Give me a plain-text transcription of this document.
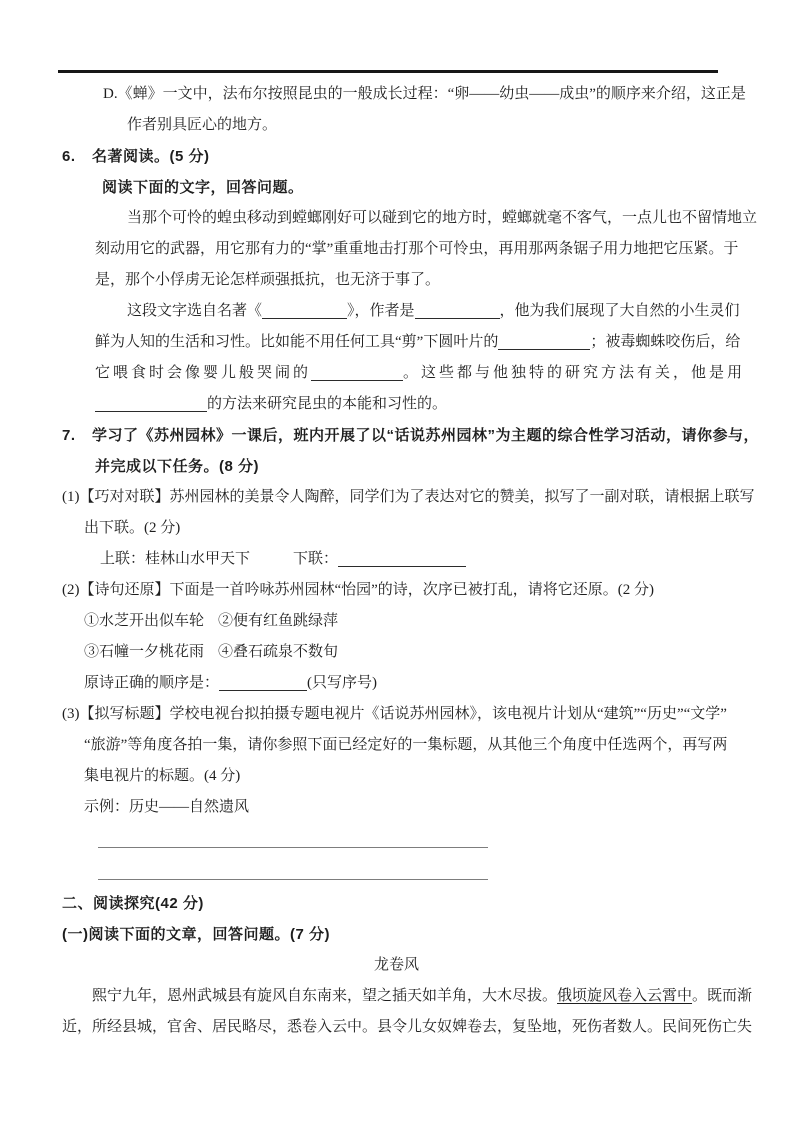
D.《蝉》一文中，法布尔按照昆虫的一般成长过程：“卵——幼虫——成虫”的顺序来介绍，这正是
作者别具匠心的地方。
6. 名著阅读。(5 分)
阅读下面的文字，回答问题。
当那个可怜的蝗虫移动到螳螂刚好可以碰到它的地方时，螳螂就毫不客气，一点儿也不留情地立
刻动用它的武器，用它那有力的“掌”重重地击打那个可怜虫，再用那两条锯子用力地把它压紧。于
是，那个小俘虏无论怎样顽强抵抗，也无济于事了。
这段文字选自名著《	》，作者是	，他为我们展现了大自然的小生灵们
鲜为人知的生活和习性。比如能不用任何工具“剪”下圆叶片的	；被毒蜘蛛咬伤后，给
它喂食时会像婴儿般哭闹的	。这些都与他独特的研究方法有关，他是用
的方法来研究昆虫的本能和习性的。
7. 学习了《苏州园林》一课后，班内开展了以“话说苏州园林”为主题的综合性学习活动，请你参与，
并完成以下任务。(8 分)
(1)【巧对对联】苏州园林的美景令人陶醉，同学们为了表达对它的赞美，拟写了一副对联，请根据上联写
出下联。(2 分)
上联：桂林山水甲天下	下联：
(2)【诗句还原】下面是一首吟咏苏州园林“怡园”的诗，次序已被打乱，请将它还原。(2 分)
①水芝开出似车轮 ②便有红鱼跳绿萍
③石幢一夕桃花雨 ④叠石疏泉不数旬
原诗正确的顺序是：	(只写序号)
(3)【拟写标题】学校电视台拟拍摄专题电视片《话说苏州园林》，该电视片计划从“建筑”“历史”“文学”
“旅游”等角度各拍一集，请你参照下面已经定好的一集标题，从其他三个角度中任选两个，再写两
集电视片的标题。(4 分)
示例：历史——自然遗风
二、阅读探究(42 分)
(一)阅读下面的文章，回答问题。(7 分)
龙卷风
熙宁九年，恩州武城县有旋风自东南来，望之插天如羊角，大木尽拔。俄顷旋风卷入云霄中。既而渐
近，所经县城，官舍、居民略尽，悉卷入云中。县令儿女奴婢卷去，复坠地，死伤者数人。民间死伤亡失
